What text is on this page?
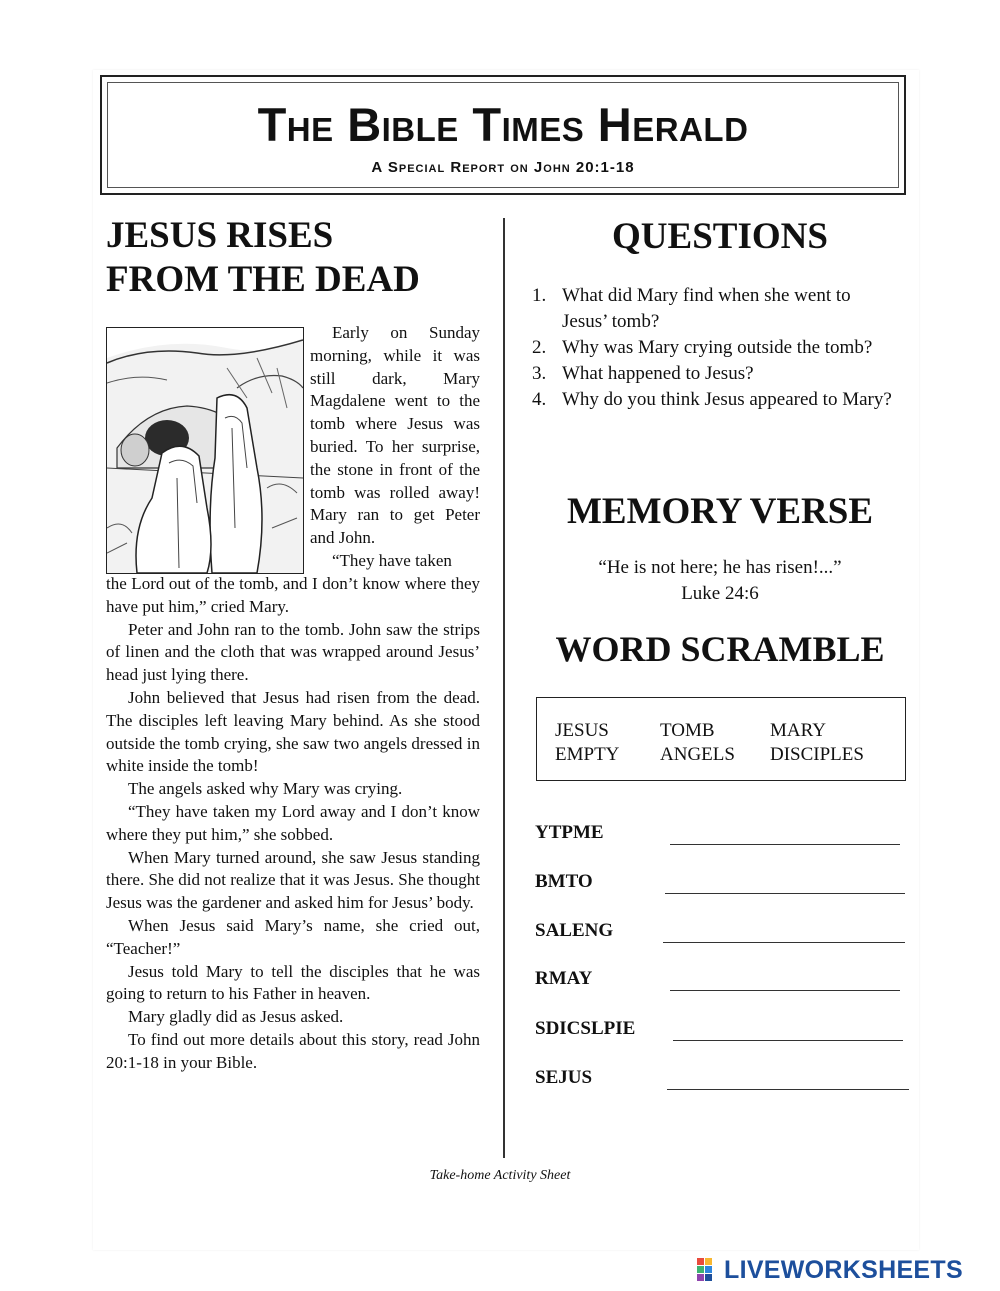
The Bible Times Herald
A Special Report on John 20:1-18
JESUS RISES
FROM THE DEAD

Early on Sunday morning, while it was still dark, Mary Magdalene went to the tomb where Jesus was buried. To her surprise, the stone in front of the tomb was rolled away! Mary ran to get Peter and John.

“They have taken

the Lord out of the tomb, and I don’t know where they have put him,” cried Mary.

Peter and John ran to the tomb. John saw the strips of linen and the cloth that was wrapped around Jesus’ head just lying there.

John believed that Jesus had risen from the dead. The disciples left leaving Mary behind. As she stood outside the tomb crying, she saw two angels dressed in white inside the tomb!

The angels asked why Mary was crying.

“They have taken my Lord away and I don’t know where they put him,” she sobbed.

When Mary turned around, she saw Jesus standing there. She did not realize that it was Jesus. She thought Jesus was the gardener and asked him for Jesus’ body.

When Jesus said Mary’s name, she cried out, “Teacher!”

Jesus told Mary to tell the disciples that he was going to return to his Father in heaven.

Mary gladly did as Jesus asked.

To find out more details about this story, read John 20:1-18 in your Bible.

QUESTIONS
1. What did Mary find when she went to Jesus’ tomb?
2. Why was Mary crying outside the tomb?
3. What happened to Jesus?
4. Why do you think Jesus appeared to Mary?
MEMORY VERSE
“He is not here; he has risen!...”
Luke 24:6
WORD SCRAMBLE
JESUS	TOMB	MARY
EMPTY ANGELS DISCIPLES
YTPME
BMTO
SALENG
RMAY
SDICSLPIE
SEJUS
Take-home Activity Sheet
LIVEWORKSHEETS
